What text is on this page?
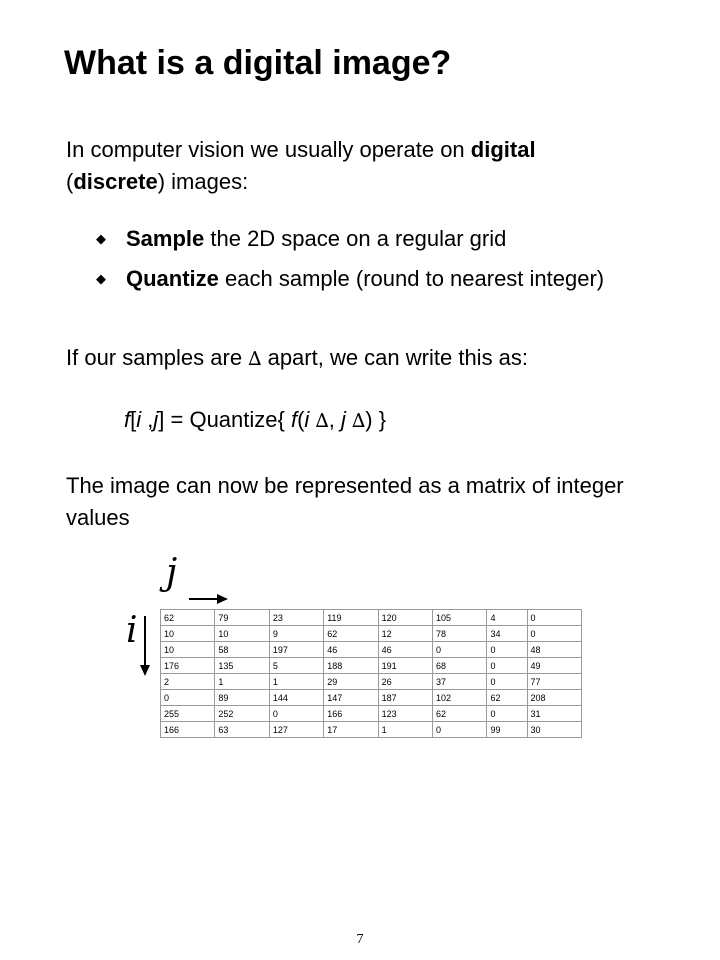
What is a digital image?

In computer vision we usually operate on digital
(discrete) images:

◆ Sample the 2D space on a regular grid
◆ Quantize each sample (round to nearest integer)

If our samples are ∆ apart, we can write this as:

f[i ,j] = Quantize{ f(i ∆, j ∆) }

The image can now be represented as a matrix of integer values

j
i	62	79	23	119	120	105	4	0
10	10	9	62	12	78	34	0
10	58	197	46	46	0	0	48
176	135	5	188	191	68	0	49
2	1	1	29	26	37	0	77
0	89	144	147	187	102	62	208
255	252	0	166	123	62	0	31
166	63	127	17	1	0	99	30
7
